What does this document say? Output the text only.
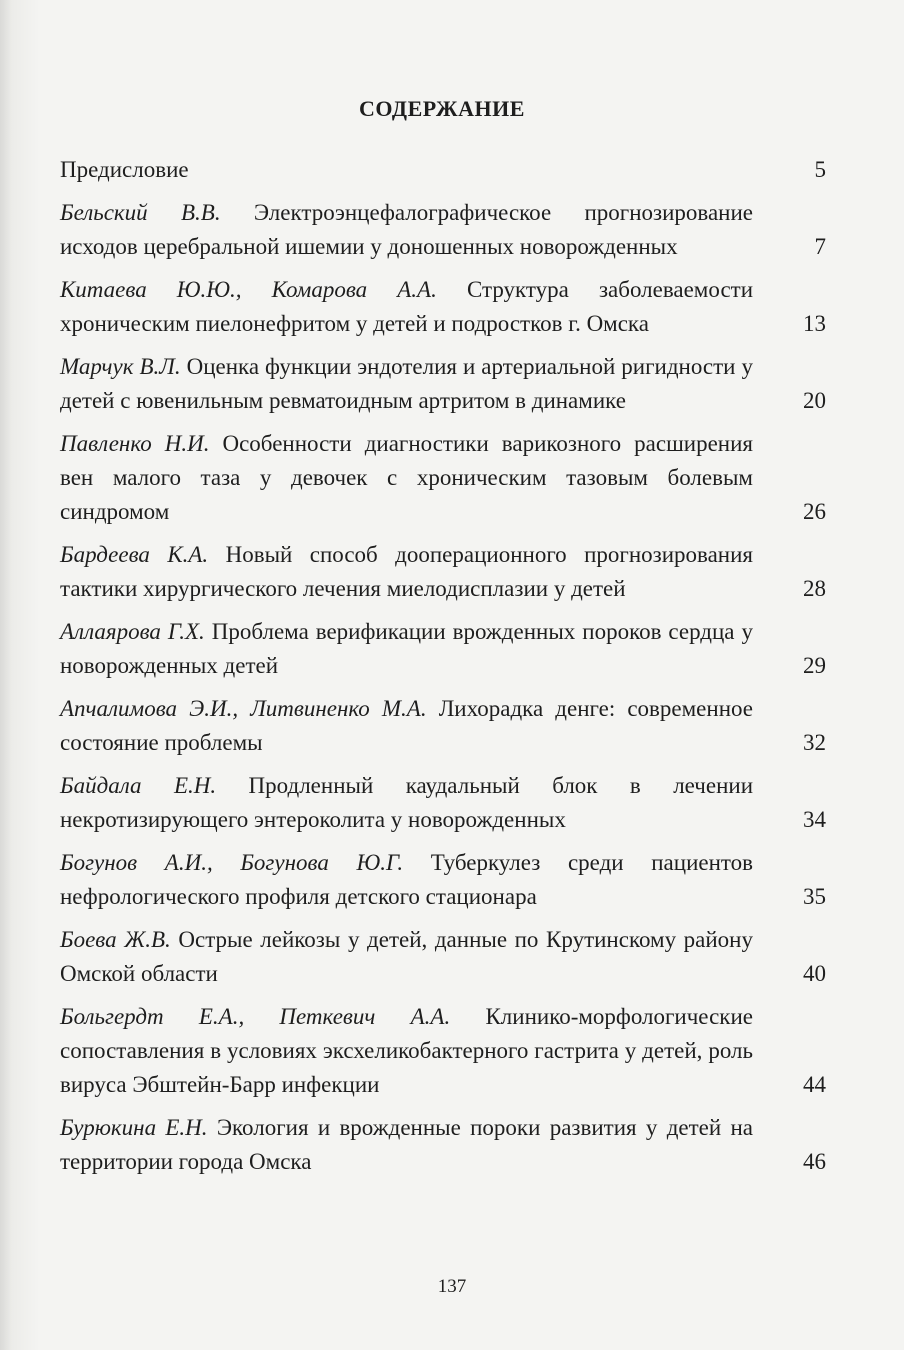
СОДЕРЖАНИЕ
Предисловие	5
Бельский В.В. Электроэнцефалографическое прогнозирование исходов церебральной ишемии у доношенных новорожденных	7
Китаева Ю.Ю., Комарова А.А. Структура заболеваемости хроническим пиелонефритом у детей и подростков г. Омска	13
Марчук В.Л. Оценка функции эндотелия и артериальной ригидности у детей с ювенильным ревматоидным артритом в динамике	20
Павленко Н.И. Особенности диагностики варикозного расширения вен малого таза у девочек с хроническим тазовым болевым синдромом	26
Бардеева К.А. Новый способ дооперационного прогнозирования тактики хирургического лечения миелодисплазии у детей	28
Аллаярова Г.Х. Проблема верификации врожденных пороков сердца у новорожденных детей	29
Апчалимова Э.И., Литвиненко М.А. Лихорадка денге: современное состояние проблемы	32
Байдала Е.Н. Продленный каудальный блок в лечении некротизирующего энтероколита у новорожденных	34
Богунов А.И., Богунова Ю.Г. Туберкулез среди пациентов нефрологического профиля детского стационара	35
Боева Ж.В. Острые лейкозы у детей, данные по Крутинскому району Омской области	40
Больгердт Е.А., Петкевич А.А. Клинико-морфологические сопоставления в условиях эксхеликобактерного гастрита у детей, роль вируса Эбштейн-Барр инфекции	44
Бурюкина Е.Н. Экология и врожденные пороки развития у детей на территории города Омска	46
137
